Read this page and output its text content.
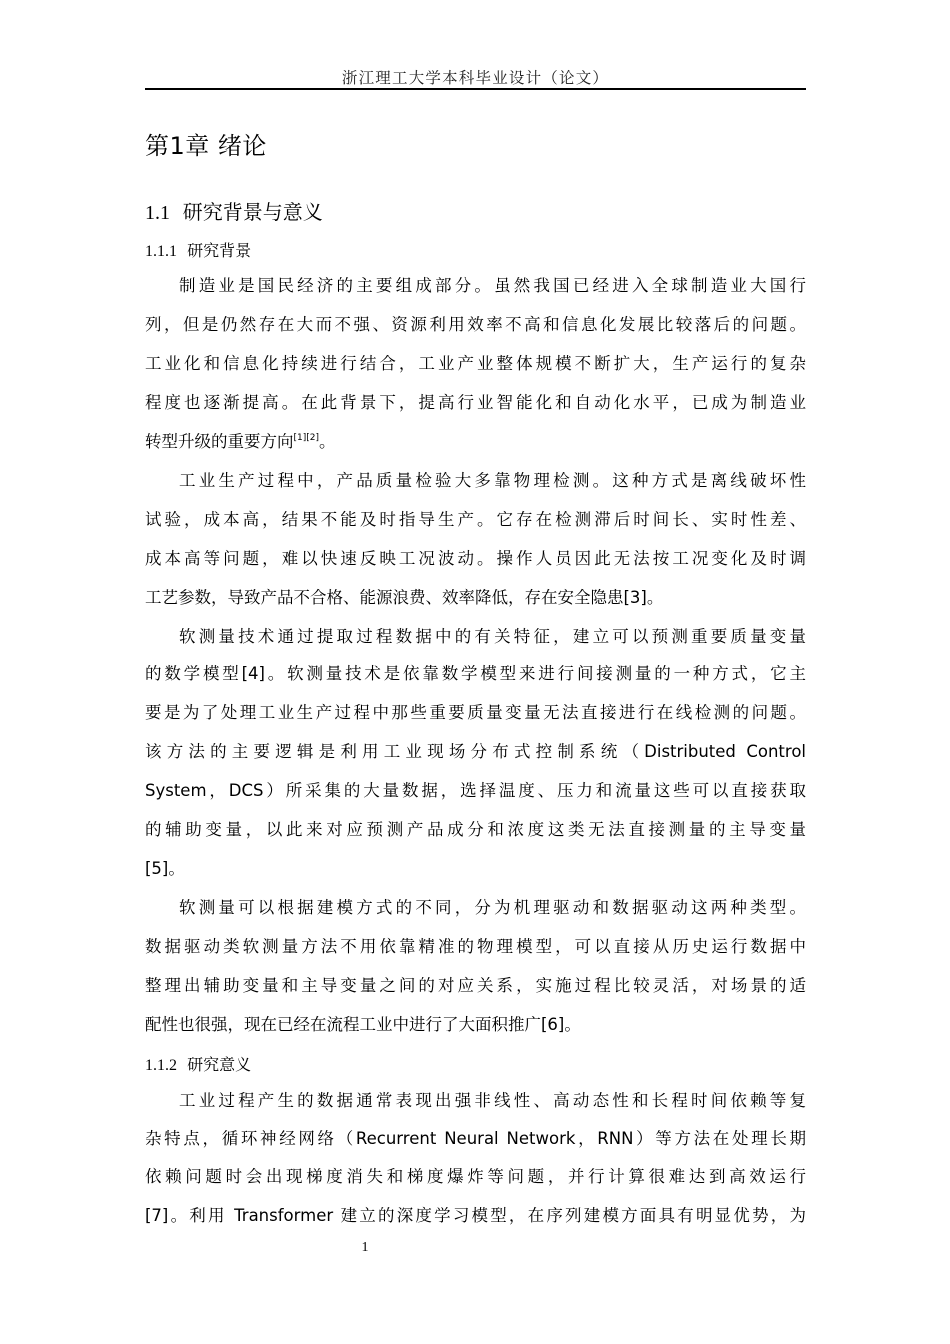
浙江理工大学本科毕业设计（论文）
第1章 绪论
1.1 研究背景与意义
1.1.1 研究背景
制造业是国民经济的主要组成部分。虽然我国已经进入全球制造业大国行
列，但是仍然存在大而不强、资源利用效率不高和信息化发展比较落后的问题。
工业化和信息化持续进行结合，工业产业整体规模不断扩大，生产运行的复杂
程度也逐渐提高。在此背景下，提高行业智能化和自动化水平，已成为制造业
转型升级的重要方向[1][2]。
工业生产过程中，产品质量检验大多靠物理检测。这种方式是离线破坏性
试验，成本高，结果不能及时指导生产。它存在检测滞后时间长、实时性差、
成本高等问题，难以快速反映工况波动。操作人员因此无法按工况变化及时调
工艺参数，导致产品不合格、能源浪费、效率降低，存在安全隐患[3]。
软测量技术通过提取过程数据中的有关特征，建立可以预测重要质量变量
的数学模型[4]。软测量技术是依靠数学模型来进行间接测量的一种方式，它主
要是为了处理工业生产过程中那些重要质量变量无法直接进行在线检测的问题。
该方法的主要逻辑是利用工业现场分布式控制系统（Distributed Control
System，DCS）所采集的大量数据，选择温度、压力和流量这些可以直接获取
的辅助变量，以此来对应预测产品成分和浓度这类无法直接测量的主导变量
[5]。
软测量可以根据建模方式的不同，分为机理驱动和数据驱动这两种类型。
数据驱动类软测量方法不用依靠精准的物理模型，可以直接从历史运行数据中
整理出辅助变量和主导变量之间的对应关系，实施过程比较灵活，对场景的适
配性也很强，现在已经在流程工业中进行了大面积推广[6]。
1.1.2 研究意义
工业过程产生的数据通常表现出强非线性、高动态性和长程时间依赖等复
杂特点，循环神经网络（Recurrent Neural Network，RNN）等方法在处理长期
依赖问题时会出现梯度消失和梯度爆炸等问题，并行计算很难达到高效运行
[7]。利用 Transformer 建立的深度学习模型，在序列建模方面具有明显优势，为
1
